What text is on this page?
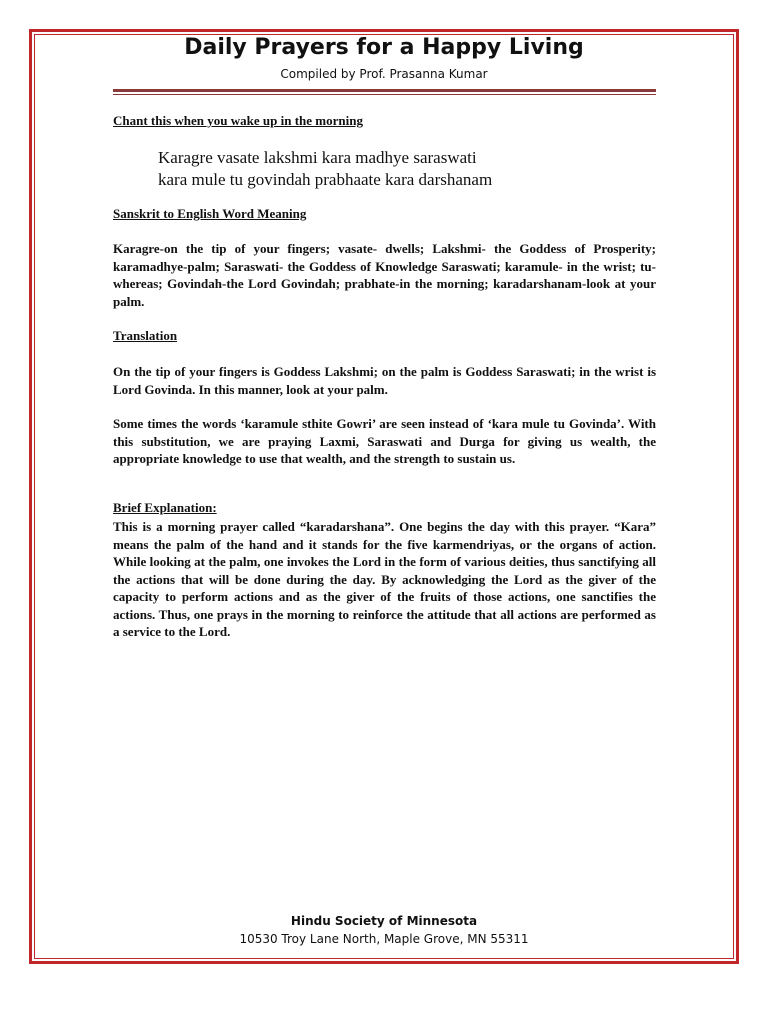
Daily Prayers for a Happy Living
Compiled by Prof. Prasanna Kumar
Chant this when you wake up in the morning
Karagre vasate lakshmi kara madhye saraswati
kara mule tu govindah prabhaate kara darshanam
Sanskrit to English Word Meaning
Karagre-on the tip of your fingers; vasate- dwells; Lakshmi- the Goddess of Prosperity; karamadhye-palm; Saraswati- the Goddess of Knowledge Saraswati; karamule- in the wrist; tu-whereas; Govindah-the Lord Govindah; prabhate-in the morning; karadarshanam-look at your palm.
Translation
On the tip of your fingers is Goddess Lakshmi; on the palm is Goddess Saraswati; in the wrist is Lord Govinda. In this manner, look at your palm.
Some times the words ‘karamule sthite Gowri’ are seen instead of ‘kara mule tu Govinda’. With this substitution, we are praying Laxmi, Saraswati and Durga for giving us wealth, the appropriate knowledge to use that wealth, and the strength to sustain us.
Brief Explanation:
This is a morning prayer called “karadarshana”. One begins the day with this prayer. “Kara” means the palm of the hand and it stands for the five karmendriyas, or the organs of action. While looking at the palm, one invokes the Lord in the form of various deities, thus sanctifying all the actions that will be done during the day. By acknowledging the Lord as the giver of the capacity to perform actions and as the giver of the fruits of those actions, one sanctifies the actions. Thus, one prays in the morning to reinforce the attitude that all actions are performed as a service to the Lord.
Hindu Society of Minnesota
10530 Troy Lane North, Maple Grove, MN 55311
